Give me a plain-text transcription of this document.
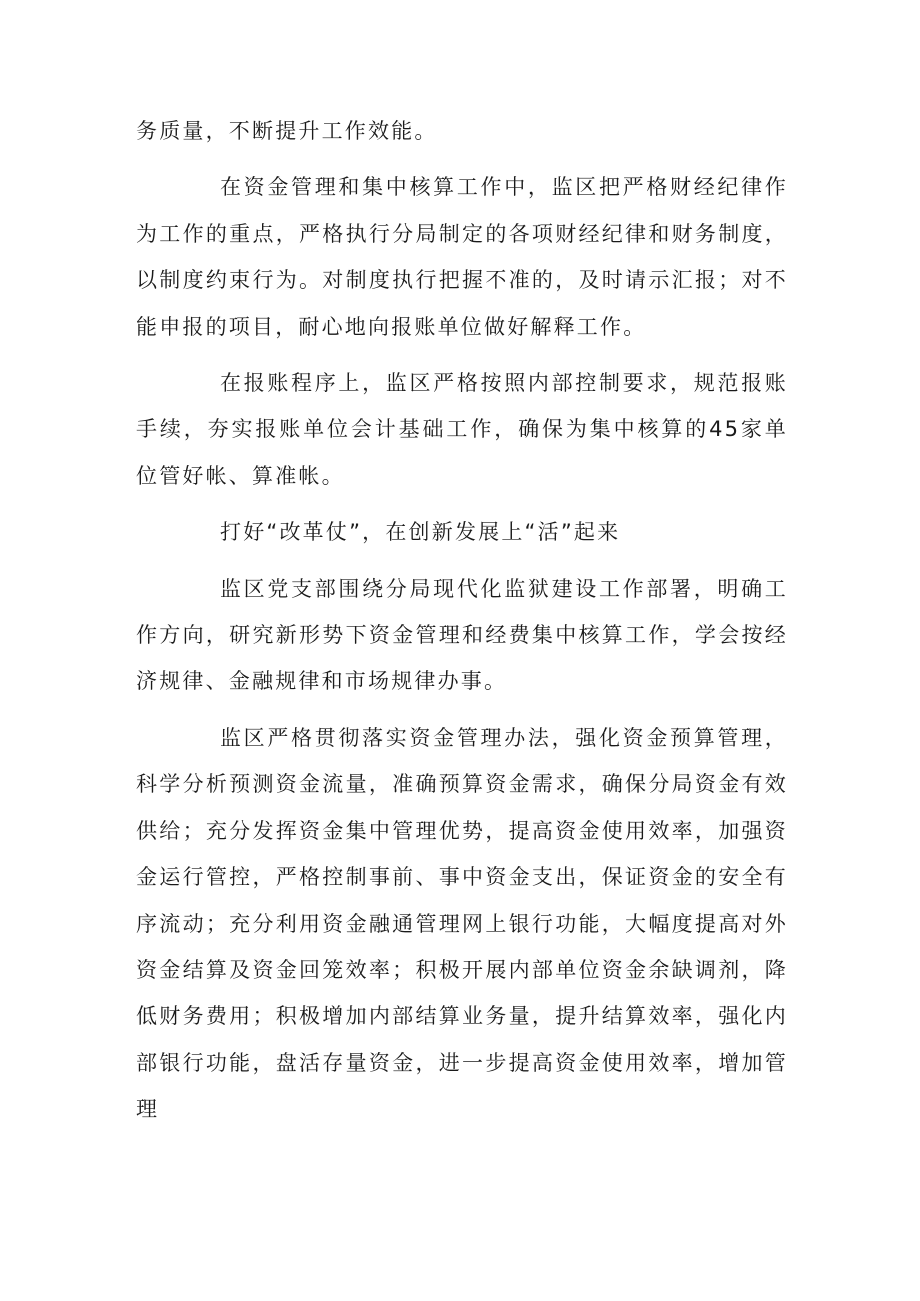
务质量，不断提升工作效能。

在资金管理和集中核算工作中，监区把严格财经纪律作为工作的重点，严格执行分局制定的各项财经纪律和财务制度，以制度约束行为。对制度执行把握不准的，及时请示汇报；对不能申报的项目，耐心地向报账单位做好解释工作。

在报账程序上，监区严格按照内部控制要求，规范报账手续，夯实报账单位会计基础工作，确保为集中核算的45家单位管好帐、算准帐。

打好“改革仗”，在创新发展上“活”起来

监区党支部围绕分局现代化监狱建设工作部署，明确工作方向，研究新形势下资金管理和经费集中核算工作，学会按经济规律、金融规律和市场规律办事。

监区严格贯彻落实资金管理办法，强化资金预算管理，科学分析预测资金流量，准确预算资金需求，确保分局资金有效供给；充分发挥资金集中管理优势，提高资金使用效率，加强资金运行管控，严格控制事前、事中资金支出，保证资金的安全有序流动；充分利用资金融通管理网上银行功能，大幅度提高对外资金结算及资金回笼效率；积极开展内部单位资金余缺调剂，降低财务费用；积极增加内部结算业务量，提升结算效率，强化内部银行功能，盘活存量资金，进一步提高资金使用效率，增加管理
